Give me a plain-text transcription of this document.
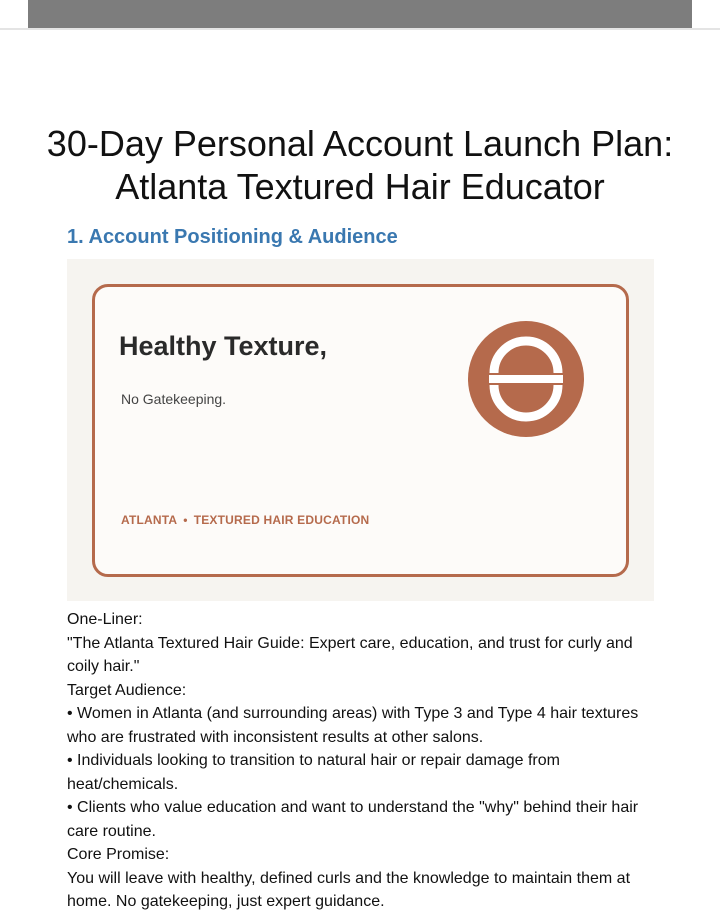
30-Day Personal Account Launch Plan: Atlanta Textured Hair Educator
1. Account Positioning & Audience
Healthy Texture,
No Gatekeeping.
ATLANTA • TEXTURED HAIR EDUCATION

One-Liner:

"The Atlanta Textured Hair Guide: Expert care, education, and trust for curly and coily hair."

Target Audience:

• Women in Atlanta (and surrounding areas) with Type 3 and Type 4 hair textures who are frustrated with inconsistent results at other salons.

• Individuals looking to transition to natural hair or repair damage from heat/chemicals.

• Clients who value education and want to understand the "why" behind their hair care routine.

Core Promise:

You will leave with healthy, defined curls and the knowledge to maintain them at home. No gatekeeping, just expert guidance.
